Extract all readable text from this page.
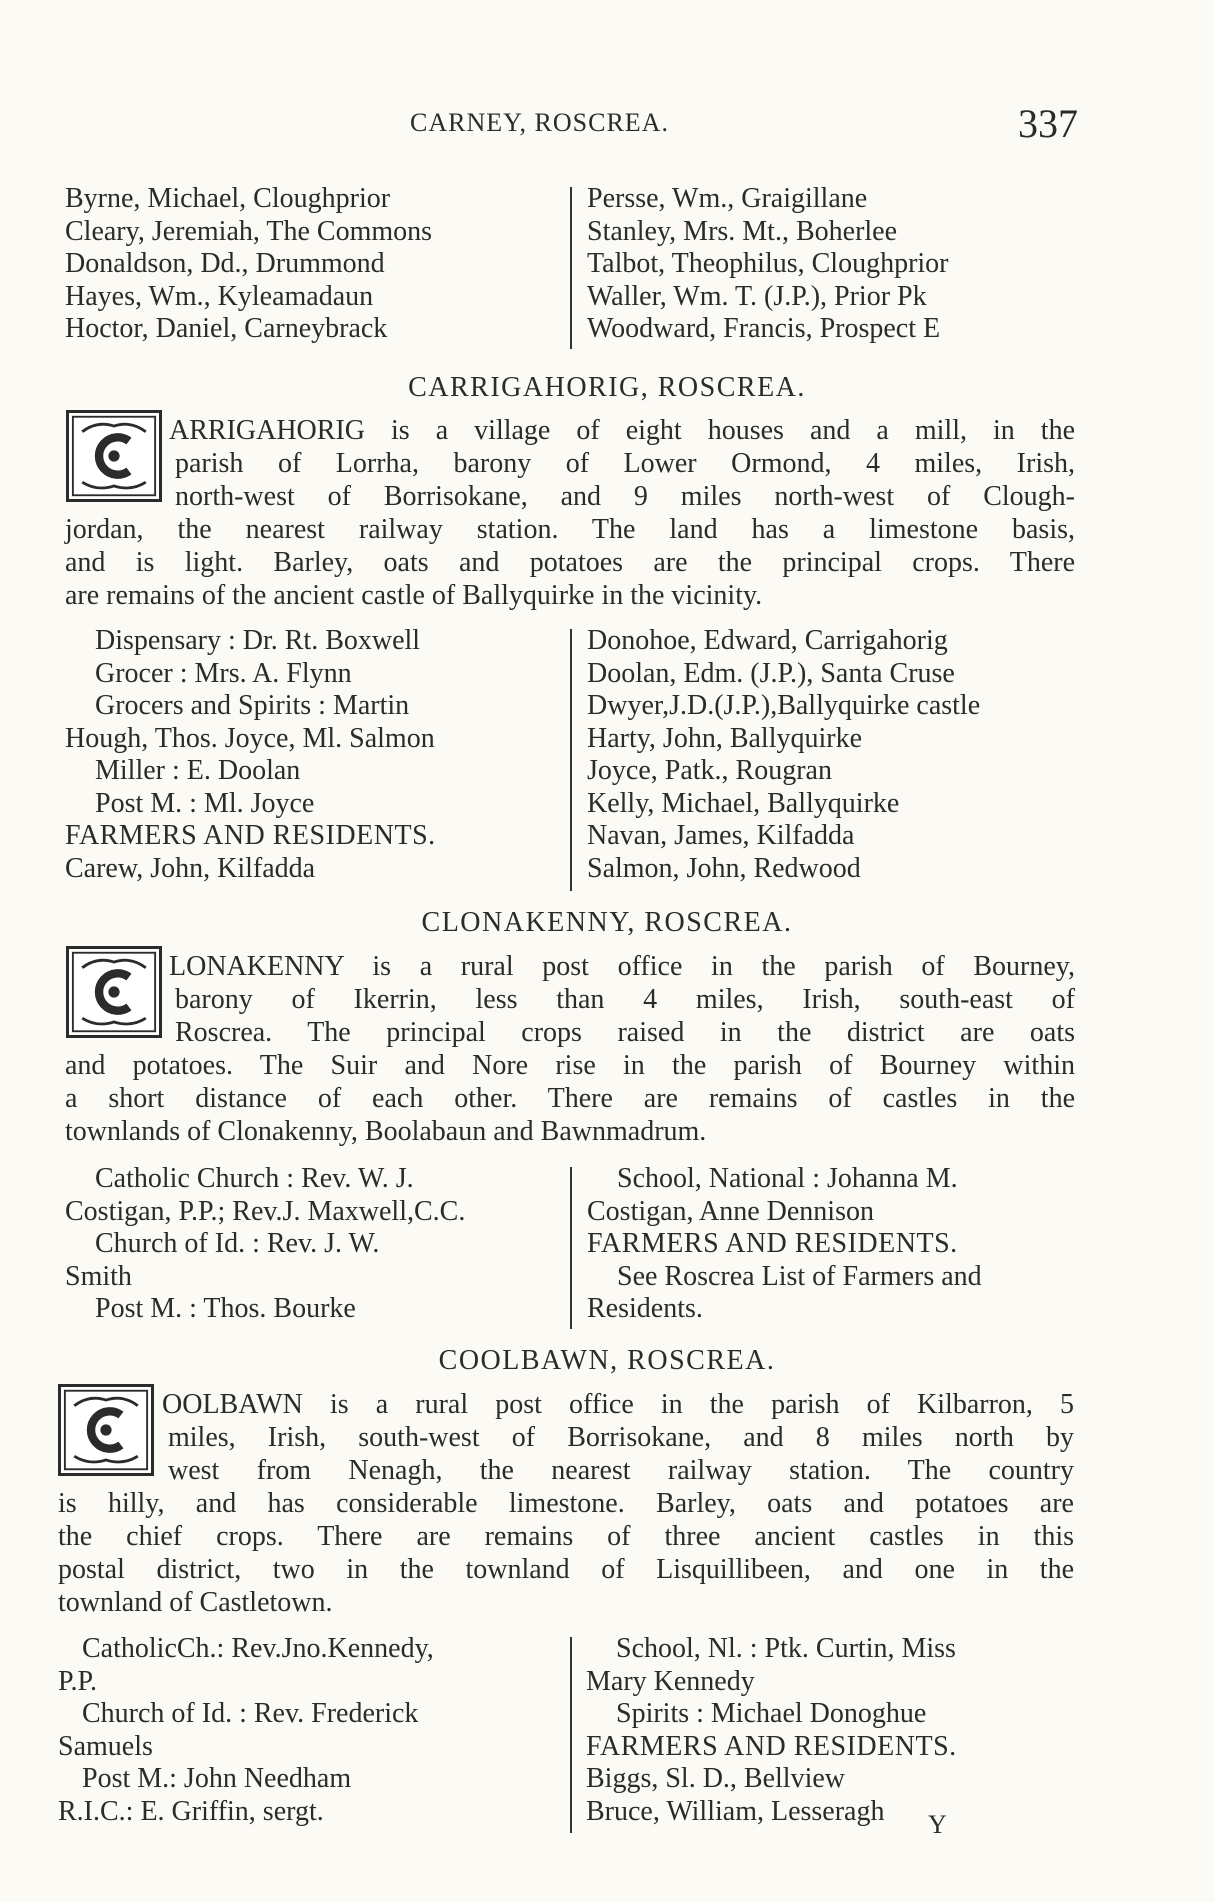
CARNEY, ROSCREA.	337
Byrne, Michael, Cloughprior
Cleary, Jeremiah, The Commons
Donaldson, Dd., Drummond
Hayes, Wm., Kyleamadaun
Hoctor, Daniel, Carneybrack
Persse, Wm., Graigillane
Stanley, Mrs. Mt., Boherlee
Talbot, Theophilus, Cloughprior
Waller, Wm. T. (J.P.), Prior Pk
Woodward, Francis, Prospect E
CARRIGAHORIG, ROSCREA.
ARRIGAHORIG is a village of eight houses and a mill, in the
parish of Lorrha, barony of Lower Ormond, 4 miles, Irish,
north-west of Borrisokane, and 9 miles north-west of Clough-
jordan, the nearest railway station. The land has a limestone basis,
and is light. Barley, oats and potatoes are the principal crops. There
are remains of the ancient castle of Ballyquirke in the vicinity.
Dispensary : Dr. Rt. Boxwell
Grocer : Mrs. A. Flynn
Grocers and Spirits : Martin
Hough, Thos. Joyce, Ml. Salmon
Miller : E. Doolan
Post M. : Ml. Joyce
FARMERS AND RESIDENTS.
Carew, John, Kilfadda
Donohoe, Edward, Carrigahorig
Doolan, Edm. (J.P.), Santa Cruse
Dwyer,J.D.(J.P.),Ballyquirke castle
Harty, John, Ballyquirke
Joyce, Patk., Rougran
Kelly, Michael, Ballyquirke
Navan, James, Kilfadda
Salmon, John, Redwood
CLONAKENNY, ROSCREA.
LONAKENNY is a rural post office in the parish of Bourney,
barony of Ikerrin, less than 4 miles, Irish, south-east of
Roscrea. The principal crops raised in the district are oats
and potatoes. The Suir and Nore rise in the parish of Bourney within
a short distance of each other. There are remains of castles in the
townlands of Clonakenny, Boolabaun and Bawnmadrum.
Catholic Church : Rev. W. J.
Costigan, P.P.; Rev.J. Maxwell,C.C.
Church of Id. : Rev. J. W.
Smith
Post M. : Thos. Bourke
School, National : Johanna M.
Costigan, Anne Dennison
FARMERS AND RESIDENTS.
See Roscrea List of Farmers and
Residents.
COOLBAWN, ROSCREA.
OOLBAWN is a rural post office in the parish of Kilbarron, 5
miles, Irish, south-west of Borrisokane, and 8 miles north by
west from Nenagh, the nearest railway station. The country
is hilly, and has considerable limestone. Barley, oats and potatoes are
the chief crops. There are remains of three ancient castles in this
postal district, two in the townland of Lisquillibeen, and one in the
townland of Castletown.
CatholicCh.: Rev.Jno.Kennedy,
P.P.
Church of Id. : Rev. Frederick
Samuels
Post M.: John Needham
R.I.C.: E. Griffin, sergt.
School, Nl. : Ptk. Curtin, Miss
Mary Kennedy
Spirits : Michael Donoghue
FARMERS AND RESIDENTS.
Biggs, Sl. D., Bellview
Bruce, William, Lesseragh	Y
